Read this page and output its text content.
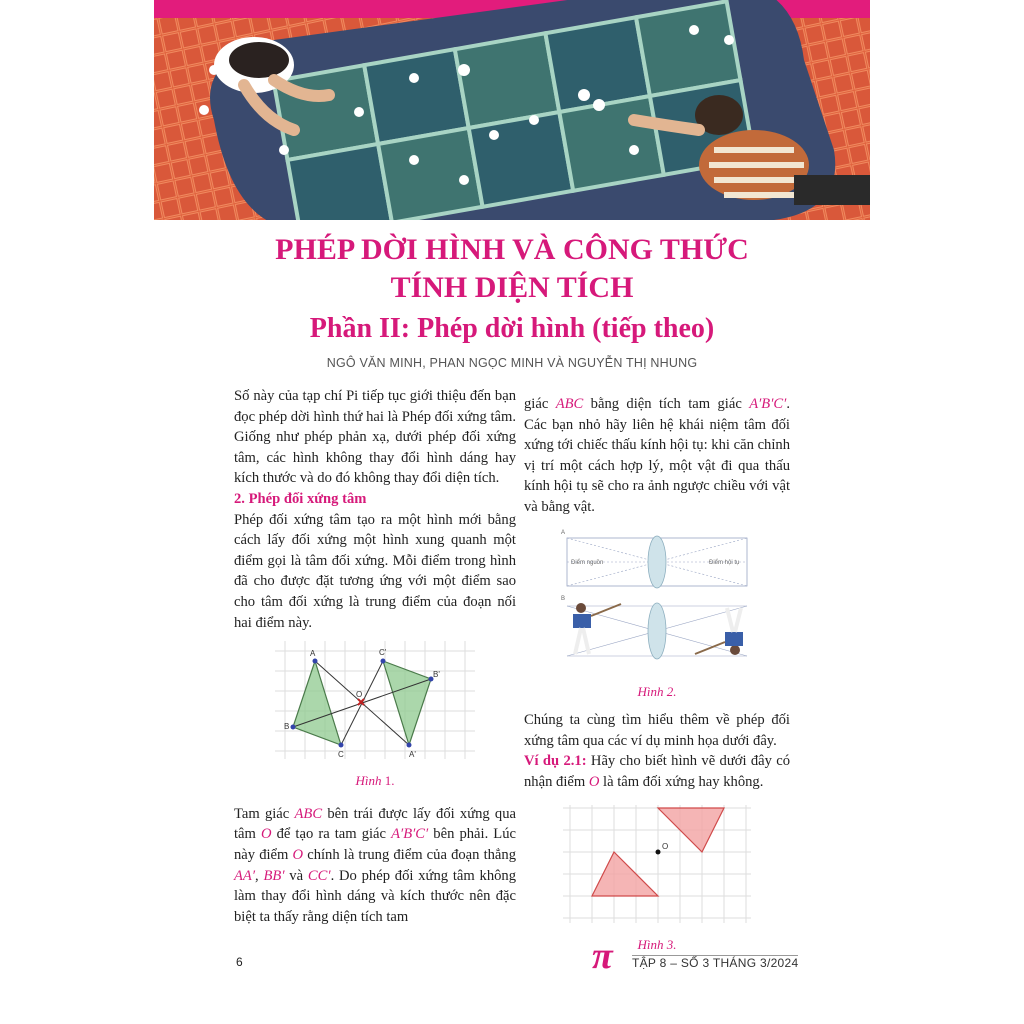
PHÉP DỜI HÌNH VÀ CÔNG THỨC
TÍNH DIỆN TÍCH
Phần II: Phép dời hình (tiếp theo)
NGÔ VĂN MINH, PHAN NGỌC MINH VÀ NGUYỄN THỊ NHUNG

Số này của tạp chí Pi tiếp tục giới thiệu đến bạn đọc phép dời hình thứ hai là Phép đối xứng tâm. Giống như phép phản xạ, dưới phép đối xứng tâm, các hình không thay đổi hình dáng hay kích thước và do đó không thay đổi diện tích.

2. Phép đối xứng tâm

Phép đối xứng tâm tạo ra một hình mới bằng cách lấy đối xứng một hình xung quanh một điểm gọi là tâm đối xứng. Mỗi điểm trong hình đã cho được đặt tương ứng với một điểm sao cho tâm đối xứng là trung điểm của đoạn nối hai điểm này.

A
B
C
O
A'
B'
C'

Hình 1.

Tam giác ABC bên trái được lấy đối xứng qua tâm O để tạo ra tam giác A′B′C′ bên phải. Lúc này điểm O chính là trung điểm của đoạn thẳng AA′, BB′ và CC′. Do phép đối xứng tâm không làm thay đổi hình dáng và kích thước nên đặc biệt ta thấy rằng diện tích tam

giác ABC bằng diện tích tam giác A′B′C′. Các bạn nhỏ hãy liên hệ khái niệm tâm đối xứng tới chiếc thấu kính hội tụ: khi căn chỉnh vị trí một cách hợp lý, một vật đi qua thấu kính hội tụ sẽ cho ra ảnh ngược chiều với vật và bằng vật.

A
B
Điểm nguồn	Điểm hội tụ

Hình 2.

Chúng ta cùng tìm hiểu thêm về phép đối xứng tâm qua các ví dụ minh họa dưới đây.

Ví dụ 2.1: Hãy cho biết hình vẽ dưới đây có nhận điểm O là tâm đối xứng hay không.

O

Hình 3.

6	π TẬP 8 – SỐ 3 THÁNG 3/2024
